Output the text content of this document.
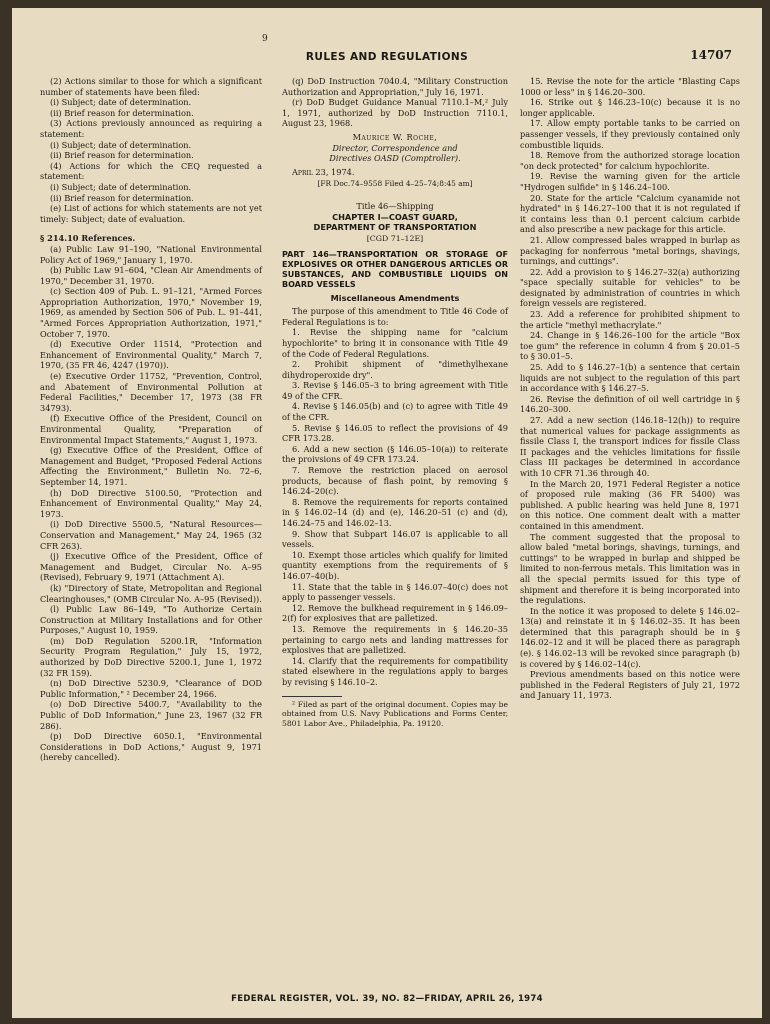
9
RULES AND REGULATIONS	14707

(2) Actions similar to those for which a significant number of statements have been filed:

(i) Subject; date of determination.

(ii) Brief reason for determination.

(3) Actions previously announced as requiring a statement:

(i) Subject; date of determination.

(ii) Brief reason for determination.

(4) Actions for which the CEQ requested a statement:

(i) Subject; date of determination.

(ii) Brief reason for determination.

(e) List of actions for which statements are not yet timely: Subject; date of evaluation.

§ 214.10 References.

(a) Public Law 91–190, "National Environmental Policy Act of 1969," January 1, 1970.

(b) Public Law 91–604, "Clean Air Amendments of 1970," December 31, 1970.

(c) Section 409 of Pub. L. 91–121, "Armed Forces Appropriation Authorization, 1970," November 19, 1969, as amended by Section 506 of Pub. L. 91–441, "Armed Forces Appropriation Authorization, 1971," October 7, 1970.

(d) Executive Order 11514, "Protection and Enhancement of Environmental Quality," March 7, 1970, (35 FR 46, 4247 (1970)).

(e) Executive Order 11752, "Prevention, Control, and Abatement of Environmental Pollution at Federal Facilities," December 17, 1973 (38 FR 34793).

(f) Executive Office of the President, Council on Environmental Quality, "Preparation of Environmental Impact Statements," August 1, 1973.

(g) Executive Office of the President, Office of Management and Budget, "Proposed Federal Actions Affecting the Environment," Bulletin No. 72–6, September 14, 1971.

(h) DoD Directive 5100.50, "Protection and Enhancement of Environmental Quality," May 24, 1973.

(i) DoD Directive 5500.5, "Natural Resources—Conservation and Management," May 24, 1965 (32 CFR 263).

(j) Executive Office of the President, Office of Management and Budget, Circular No. A–95 (Revised), February 9, 1971 (Attachment A).

(k) "Directory of State, Metropolitan and Regional Clearinghouses," (OMB Circular No. A–95 (Revised)).

(l) Public Law 86–149, "To Authorize Certain Construction at Military Installations and for Other Purposes," August 10, 1959.

(m) DoD Regulation 5200.1R, "Information Security Program Regulation," July 15, 1972, authorized by DoD Directive 5200.1, June 1, 1972 (32 FR 159).

(n) DoD Directive 5230.9, "Clearance of DOD Public Information," ² December 24, 1966.

(o) DoD Directive 5400.7, "Availability to the Public of DoD Information," June 23, 1967 (32 FR 286).

(p) DoD Directive 6050.1, "Environmental Considerations in DoD Actions," August 9, 1971 (hereby cancelled).

(q) DoD Instruction 7040.4, "Military Construction Authorization and Appropriation," July 16, 1971.

(r) DoD Budget Guidance Manual 7110.1–M,² July 1, 1971, authorized by DoD Instruction 7110.1, August 23, 1968.

Maurice W. Roche,
Director, Correspondence and
Directives OASD (Comptroller).

April 23, 1974.

[FR Doc.74–9558 Filed 4–25–74;8:45 am]

Title 46—Shipping

CHAPTER I—COAST GUARD,

DEPARTMENT OF TRANSPORTATION

[CGD 71–12E]

PART 146—TRANSPORTATION OR STORAGE OF EXPLOSIVES OR OTHER DANGEROUS ARTICLES OR SUBSTANCES, AND COMBUSTIBLE LIQUIDS ON BOARD VESSELS

Miscellaneous Amendments

The purpose of this amendment to Title 46 Code of Federal Regulations is to:

1. Revise the shipping name for "calcium hypochlorite" to bring it in consonance with Title 49 of the Code of Federal Regulations.

2. Prohibit shipment of "dimethylhexane dihydroperoxide dry".

3. Revise § 146.05–3 to bring agreement with Title 49 of the CFR.

4. Revise § 146.05(b) and (c) to agree with Title 49 of the CFR.

5. Revise § 146.05 to reflect the provisions of 49 CFR 173.28.

6. Add a new section (§ 146.05–10(a)) to reiterate the proivsions of 49 CFR 173.24.

7. Remove the restriction placed on aerosol products, because of flash point, by removing § 146.24–20(c).

8. Remove the requirements for reports contained in § 146.02–14 (d) and (e), 146.20–51 (c) and (d), 146.24–75 and 146.02–13.

9. Show that Subpart 146.07 is applicable to all vessels.

10. Exempt those articles which qualify for limited quantity exemptions from the requirements of § 146.07–40(b).

11. State that the table in § 146.07–40(c) does not apply to passenger vessels.

12. Remove the bulkhead requirement in § 146.09–2(f) for explosives that are palletized.

13. Remove the requirements in § 146.20–35 pertaining to cargo nets and landing mattresses for explosives that are palletized.

14. Clarify that the requirements for compatibility stated elsewhere in the regulations apply to barges by revising § 146.10–2.

² Filed as part of the original document. Copies may be obtained from U.S. Navy Publications and Forms Center, 5801 Labor Ave., Philadelphia, Pa. 19120.

15. Revise the note for the article "Blasting Caps 1000 or less" in § 146.20–300.

16. Strike out § 146.23–10(c) because it is no longer applicable.

17. Allow empty portable tanks to be carried on passenger vessels, if they previously contained only combustible liquids.

18. Remove from the authorized storage location "on deck protected" for calcium hypochlorite.

19. Revise the warning given for the article "Hydrogen sulfide" in § 146.24–100.

20. State for the article "Calcium cyanamide not hydrated" in § 146.27–100 that it is not regulated if it contains less than 0.1 percent calcium carbide and also prescribe a new package for this article.

21. Allow compressed bales wrapped in burlap as packaging for nonferrous "metal borings, shavings, turnings, and cuttings".

22. Add a provision to § 146.27–32(a) authorizing "space specially suitable for vehicles" to be designated by administration of countries in which foreign vessels are registered.

23. Add a reference for prohibited shipment to the article "methyl methacrylate."

24. Change in § 146.26–100 for the article "Box toe gum" the reference in column 4 from § 20.01–5 to § 30.01–5.

25. Add to § 146.27–1(b) a sentence that certain liquids are not subject to the regulation of this part in accordance with § 146.27–5.

26. Revise the definition of oil well cartridge in § 146.20–300.

27. Add a new section (146.18–12(h)) to require that numerical values for package assignments as fissile Class I, the transport indices for fissile Class II packages and the vehicles limitations for fissile Class III packages be determined in accordance with 10 CFR 71.36 through 40.

In the March 20, 1971 Federal Register a notice of proposed rule making (36 FR 5400) was published. A public hearing was held June 8, 1971 on this notice. One comment dealt with a matter contained in this amendment.

The comment suggested that the proposal to allow baled "metal borings, shavings, turnings, and cuttings" to be wrapped in burlap and shipped be limited to non-ferrous metals. This limitation was in all the special permits issued for this type of shipment and therefore it is being incorporated into the regulations.

In the notice it was proposed to delete § 146.02–13(a) and reinstate it in § 146.02–35. It has been determined that this paragraph should be in § 146.02–12 and it will be placed there as paragraph (e). § 146.02–13 will be revoked since paragraph (b) is covered by § 146.02–14(c).

Previous amendments based on this notice were published in the Federal Registers of July 21, 1972 and January 11, 1973.

FEDERAL REGISTER, VOL. 39, NO. 82—FRIDAY, APRIL 26, 1974
